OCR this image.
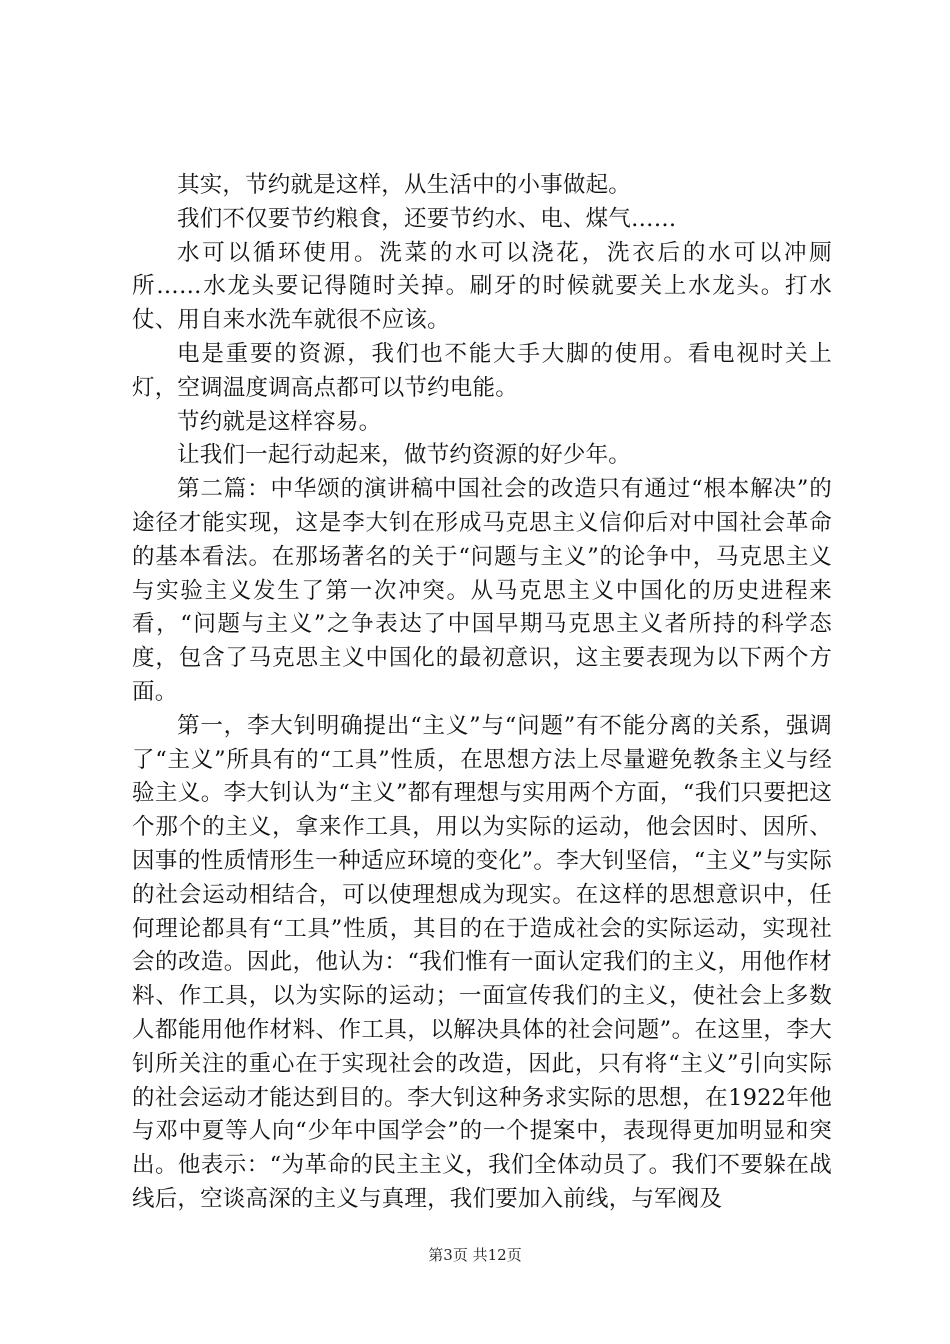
其实，节约就是这样，从生活中的小事做起。

我们不仅要节约粮食，还要节约水、电、煤气……

水可以循环使用。洗菜的水可以浇花，洗衣后的水可以冲厕所……水龙头要记得随时关掉。刷牙的时候就要关上水龙头。打水仗、用自来水洗车就很不应该。

电是重要的资源，我们也不能大手大脚的使用。看电视时关上灯，空调温度调高点都可以节约电能。

节约就是这样容易。

让我们一起行动起来，做节约资源的好少年。

第二篇：中华颂的演讲稿中国社会的改造只有通过“根本解决”的途径才能实现，这是李大钊在形成马克思主义信仰后对中国社会革命的基本看法。在那场著名的关于“问题与主义”的论争中，马克思主义与实验主义发生了第一次冲突。从马克思主义中国化的历史进程来看，“问题与主义”之争表达了中国早期马克思主义者所持的科学态度，包含了马克思主义中国化的最初意识，这主要表现为以下两个方面。

第一，李大钊明确提出“主义”与“问题”有不能分离的关系，强调了“主义”所具有的“工具”性质，在思想方法上尽量避免教条主义与经验主义。李大钊认为“主义”都有理想与实用两个方面，“我们只要把这个那个的主义，拿来作工具，用以为实际的运动，他会因时、因所、因事的性质情形生一种适应环境的变化”。李大钊坚信，“主义”与实际的社会运动相结合，可以使理想成为现实。在这样的思想意识中，任何理论都具有“工具”性质，其目的在于造成社会的实际运动，实现社会的改造。因此，他认为：“我们惟有一面认定我们的主义，用他作材料、作工具，以为实际的运动；一面宣传我们的主义，使社会上多数人都能用他作材料、作工具，以解决具体的社会问题”。在这里，李大钊所关注的重心在于实现社会的改造，因此，只有将“主义”引向实际的社会运动才能达到目的。李大钊这种务求实际的思想，在1922年他与邓中夏等人向“少年中国学会”的一个提案中，表现得更加明显和突出。他表示：“为革命的民主主义，我们全体动员了。我们不要躲在战线后，空谈高深的主义与真理，我们要加入前线，与军阀及

第3页 共12页
